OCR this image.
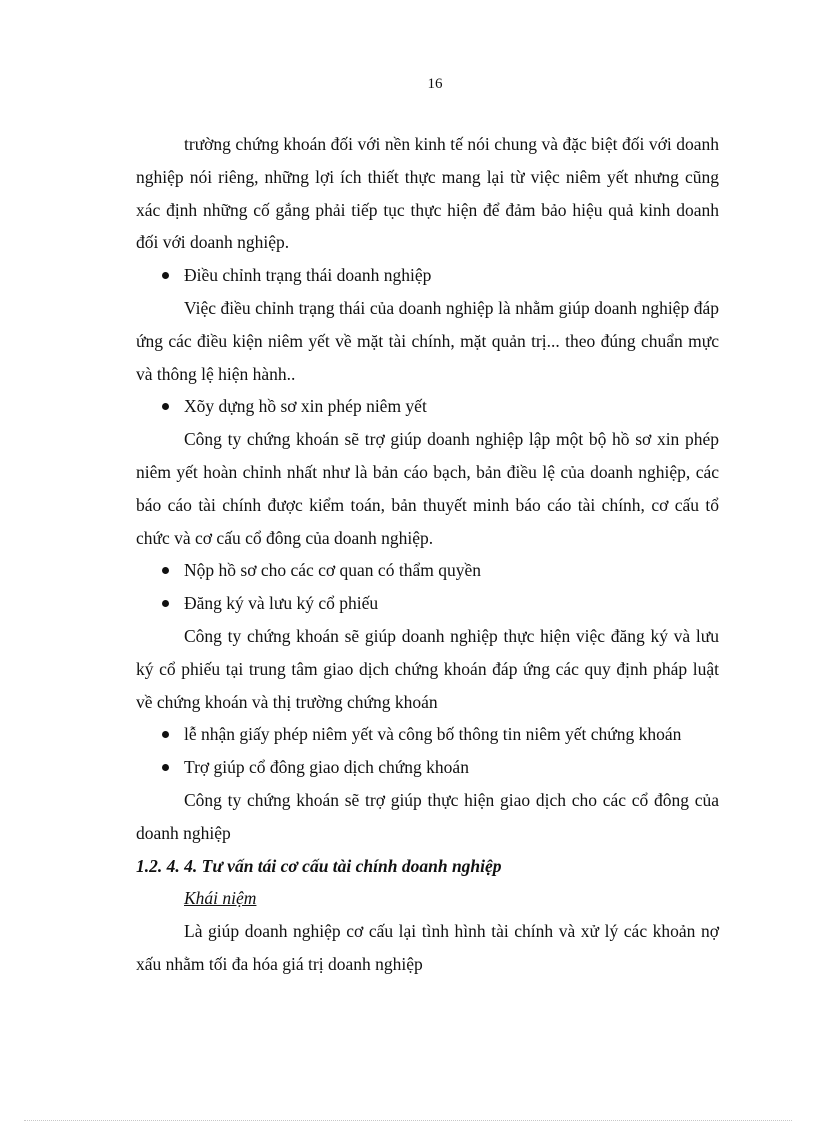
16

trường chứng khoán đối với nền kinh tế nói chung và đặc biệt đối với doanh nghiệp nói riêng, những lợi ích thiết thực mang lại từ việc niêm yết nhưng cũng xác định những cố gắng phải tiếp tục thực hiện để đảm bảo hiệu quả kinh doanh đối với doanh nghiệp.

Điều chỉnh trạng thái doanh nghiệp

Việc điều chỉnh trạng thái của doanh nghiệp là nhằm giúp doanh nghiệp đáp ứng các điều kiện niêm yết về mặt tài chính, mặt quản trị... theo đúng chuẩn mực và thông lệ hiện hành..

Xõy dựng hồ sơ xin phép niêm yết

Công ty chứng khoán sẽ trợ giúp doanh nghiệp lập một bộ hồ sơ xin phép niêm yết hoàn chỉnh nhất như là bản cáo bạch, bản điều lệ của doanh nghiệp, các báo cáo tài chính được kiểm toán, bản thuyết minh báo cáo tài chính, cơ cấu tổ chức và cơ cấu cổ đông của doanh nghiệp.

Nộp hồ sơ cho các cơ quan có thẩm quyền
Đăng ký và lưu ký cổ phiếu

Công ty chứng khoán sẽ giúp doanh nghiệp thực hiện việc đăng ký và lưu ký cổ phiếu tại trung tâm giao dịch chứng khoán đáp ứng các quy định pháp luật về chứng khoán và thị trường chứng khoán

lễ nhận giấy phép niêm yết và công bố thông tin niêm yết chứng khoán
Trợ giúp cổ đông giao dịch chứng khoán

Công ty chứng khoán sẽ trợ giúp thực hiện giao dịch cho các cổ đông của doanh nghiệp

1.2. 4. 4. Tư vấn tái cơ cấu tài chính doanh nghiệp

Khái niệm

Là giúp doanh nghiệp cơ cấu lại tình hình tài chính và xử lý các khoản nợ xấu nhằm tối đa hóa giá trị doanh nghiệp
